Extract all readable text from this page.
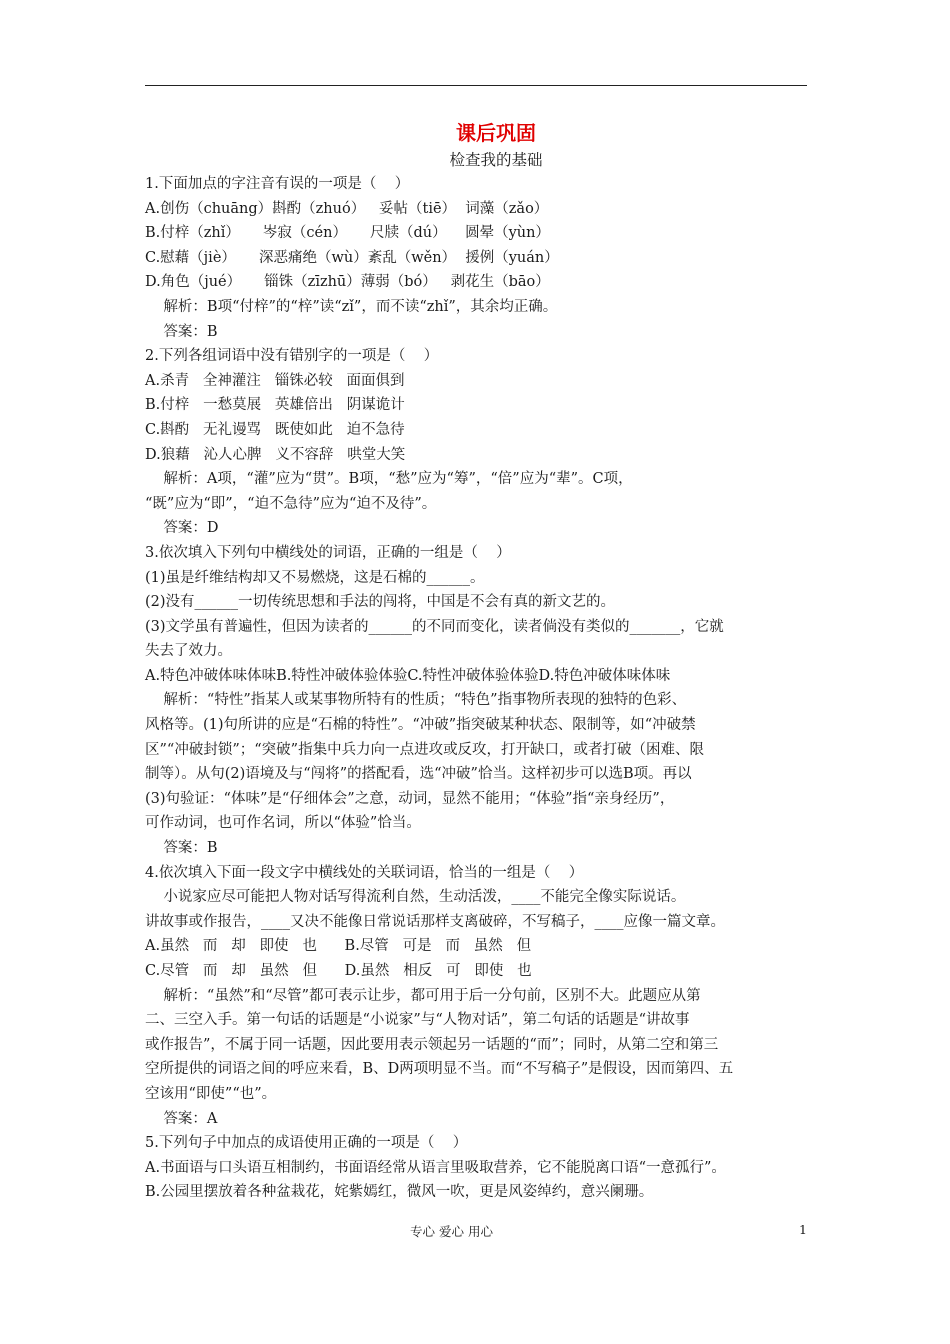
课后巩固
检查我的基础
1.下面加点的字注音有误的一项是（    ）
A.创伤（chuāng）斟酌（zhuó）   妥帖（tiē）  词藻（zǎo）
B.付梓（zhǐ）     岑寂（cén）     尺牍（dú）    圆晕（yùn）
C.慰藉（jiè）     深恶痛绝（wù）紊乱（wěn）  援例（yuán）
D.角色（jué）     锱铢（zīzhū）薄弱（bó）   剥花生（bāo）
解析：B项“付梓”的“梓”读“zǐ”，而不读“zhǐ”，其余均正确。
答案：B
2.下列各组词语中没有错别字的一项是（    ）
A.杀青   全神灌注   锱铢必较   面面俱到
B.付梓   一愁莫展   英雄倍出   阴谋诡计
C.斟酌   无礼谩骂   既使如此   迫不急待
D.狼藉   沁人心脾   义不容辞   哄堂大笑
解析：A项，“灌”应为“贯”。B项，“愁”应为“筹”，“倍”应为“辈”。C项，
“既”应为“即”，“迫不急待”应为“迫不及待”。
答案：D
3.依次填入下列句中横线处的词语，正确的一组是（    ）
(1)虽是纤维结构却又不易燃烧，这是石棉的______。
(2)没有______一切传统思想和手法的闯将，中国是不会有真的新文艺的。
(3)文学虽有普遍性，但因为读者的______的不同而变化，读者倘没有类似的_______，它就
失去了效力。
A.特色冲破体味体味B.特性冲破体验体验C.特性冲破体验体验D.特色冲破体味体味
解析：“特性”指某人或某事物所特有的性质；“特色”指事物所表现的独特的色彩、
风格等。(1)句所讲的应是“石棉的特性”。“冲破”指突破某种状态、限制等，如“冲破禁
区”“冲破封锁”；“突破”指集中兵力向一点进攻或反攻，打开缺口，或者打破（困难、限
制等）。从句(2)语境及与“闯将”的搭配看，选“冲破”恰当。这样初步可以选B项。再以
(3)句验证：“体味”是“仔细体会”之意，动词，显然不能用；“体验”指“亲身经历”，
可作动词，也可作名词，所以“体验”恰当。
答案：B
4.依次填入下面一段文字中横线处的关联词语，恰当的一组是（    ）
小说家应尽可能把人物对话写得流利自然，生动活泼，____不能完全像实际说话。
讲故事或作报告，____又决不能像日常说话那样支离破碎，不写稿子，____应像一篇文章。
A.虽然   而   却   即使   也      B.尽管   可是   而   虽然   但
C.尽管   而   却   虽然   但      D.虽然   相反   可   即使   也
解析：“虽然”和“尽管”都可表示让步，都可用于后一分句前，区别不大。此题应从第
二、三空入手。第一句话的话题是“小说家”与“人物对话”，第二句话的话题是“讲故事
或作报告”，不属于同一话题，因此要用表示领起另一话题的“而”；同时，从第二空和第三
空所提供的词语之间的呼应来看，B、D两项明显不当。而“不写稿子”是假设，因而第四、五
空该用“即使”“也”。
答案：A
5.下列句子中加点的成语使用正确的一项是（    ）
A.书面语与口头语互相制约，书面语经常从语言里吸取营养，它不能脱离口语“一意孤行”。
B.公园里摆放着各种盆栽花，姹紫嫣红，微风一吹，更是风姿绰约，意兴阑珊。
专心 爱心 用心	1
